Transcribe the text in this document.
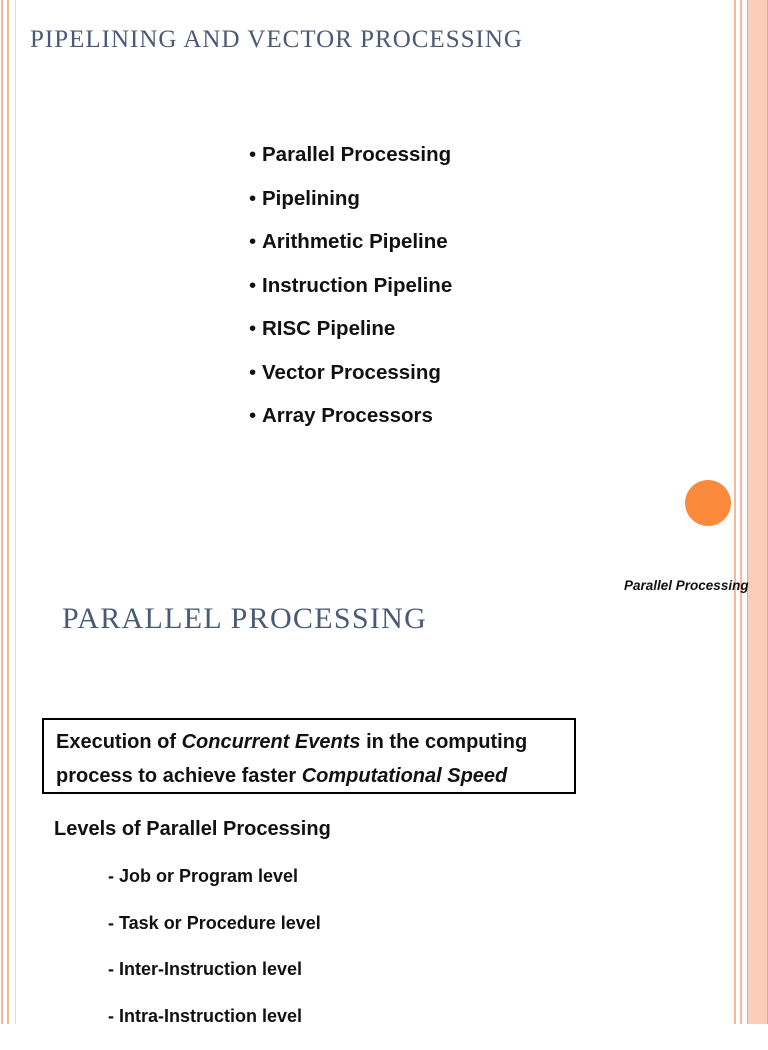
PIPELINING AND VECTOR PROCESSING
• Parallel Processing
• Pipelining
• Arithmetic Pipeline
• Instruction Pipeline
• RISC Pipeline
• Vector Processing
• Array Processors
Parallel Processing
PARALLEL PROCESSING
Execution of Concurrent Events in the computing
process to achieve faster Computational Speed
Levels of Parallel Processing
- Job or Program level
- Task or Procedure level
- Inter-Instruction level
- Intra-Instruction level
